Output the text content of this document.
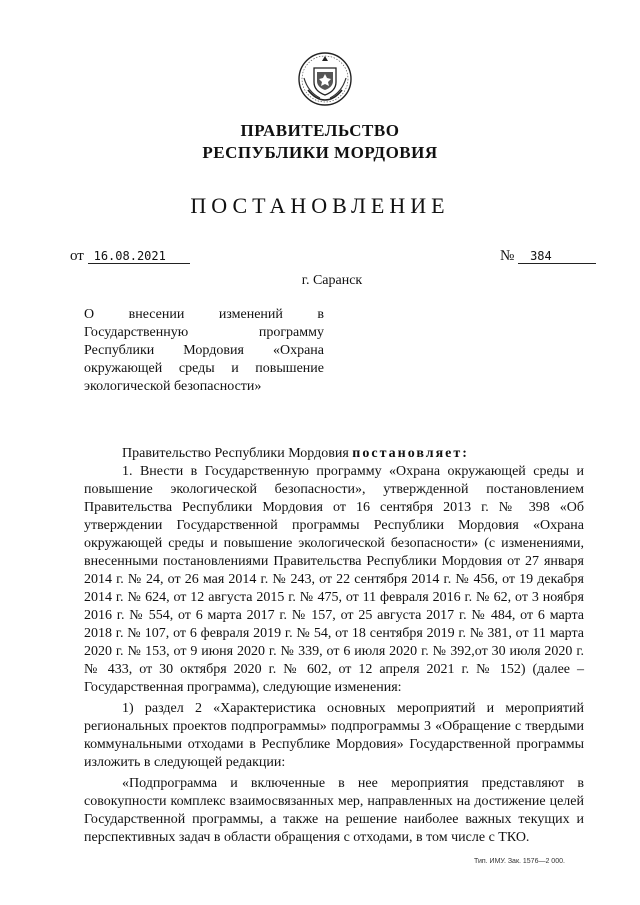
ПРАВИТЕЛЬСТВО
РЕСПУБЛИКИ МОРДОВИЯ
ПОСТАНОВЛЕНИЕ
от 16.08.2021	№ 384
г. Саранск
О внесении изменений в Государственную программу Республики Мордовия «Охрана окружающей среды и повышение экологической безопасности»

Правительство Республики Мордовия постановляет:

1. Внести в Государственную программу «Охрана окружающей среды и повышение экологической безопасности», утвержденной постановлением Правительства Республики Мордовия от 16 сентября 2013 г. № 398 «Об утверждении Государственной программы Республики Мордовия «Охрана окружающей среды и повышение экологической безопасности» (с изменениями, внесенными постановлениями Правительства Республики Мордовия от 27 января 2014 г. № 24, от 26 мая 2014 г. № 243, от 22 сентября 2014 г. № 456, от 19 декабря 2014 г. № 624, от 12 августа 2015 г. № 475, от 11 февраля 2016 г. № 62, от 3 ноября 2016 г. № 554, от 6 марта 2017 г. № 157, от 25 августа 2017 г. № 484, от 6 марта 2018 г. № 107, от 6 февраля 2019 г. № 54, от 18 сентября 2019 г. № 381, от 11 марта 2020 г. № 153, от 9 июня 2020 г. № 339, от 6 июля 2020 г. № 392,от 30 июля 2020 г.№ 433, от 30 октября 2020 г. № 602, от 12 апреля 2021 г. № 152) (далее – Государственная программа), следующие изменения:

1) раздел 2 «Характеристика основных мероприятий и мероприятий региональных проектов подпрограммы» подпрограммы 3 «Обращение с твердыми коммунальными отходами в Республике Мордовия» Государственной программы изложить в следующей редакции:

«Подпрограмма и включенные в нее мероприятия представляют в совокупности комплекс взаимосвязанных мер, направленных на достижение целей Государственной программы, а также на решение наиболее важных текущих и перспективных задач в области обращения с отходами, в том числе с ТКО.

Тип. ИМУ. Зак. 1576—2 000.
